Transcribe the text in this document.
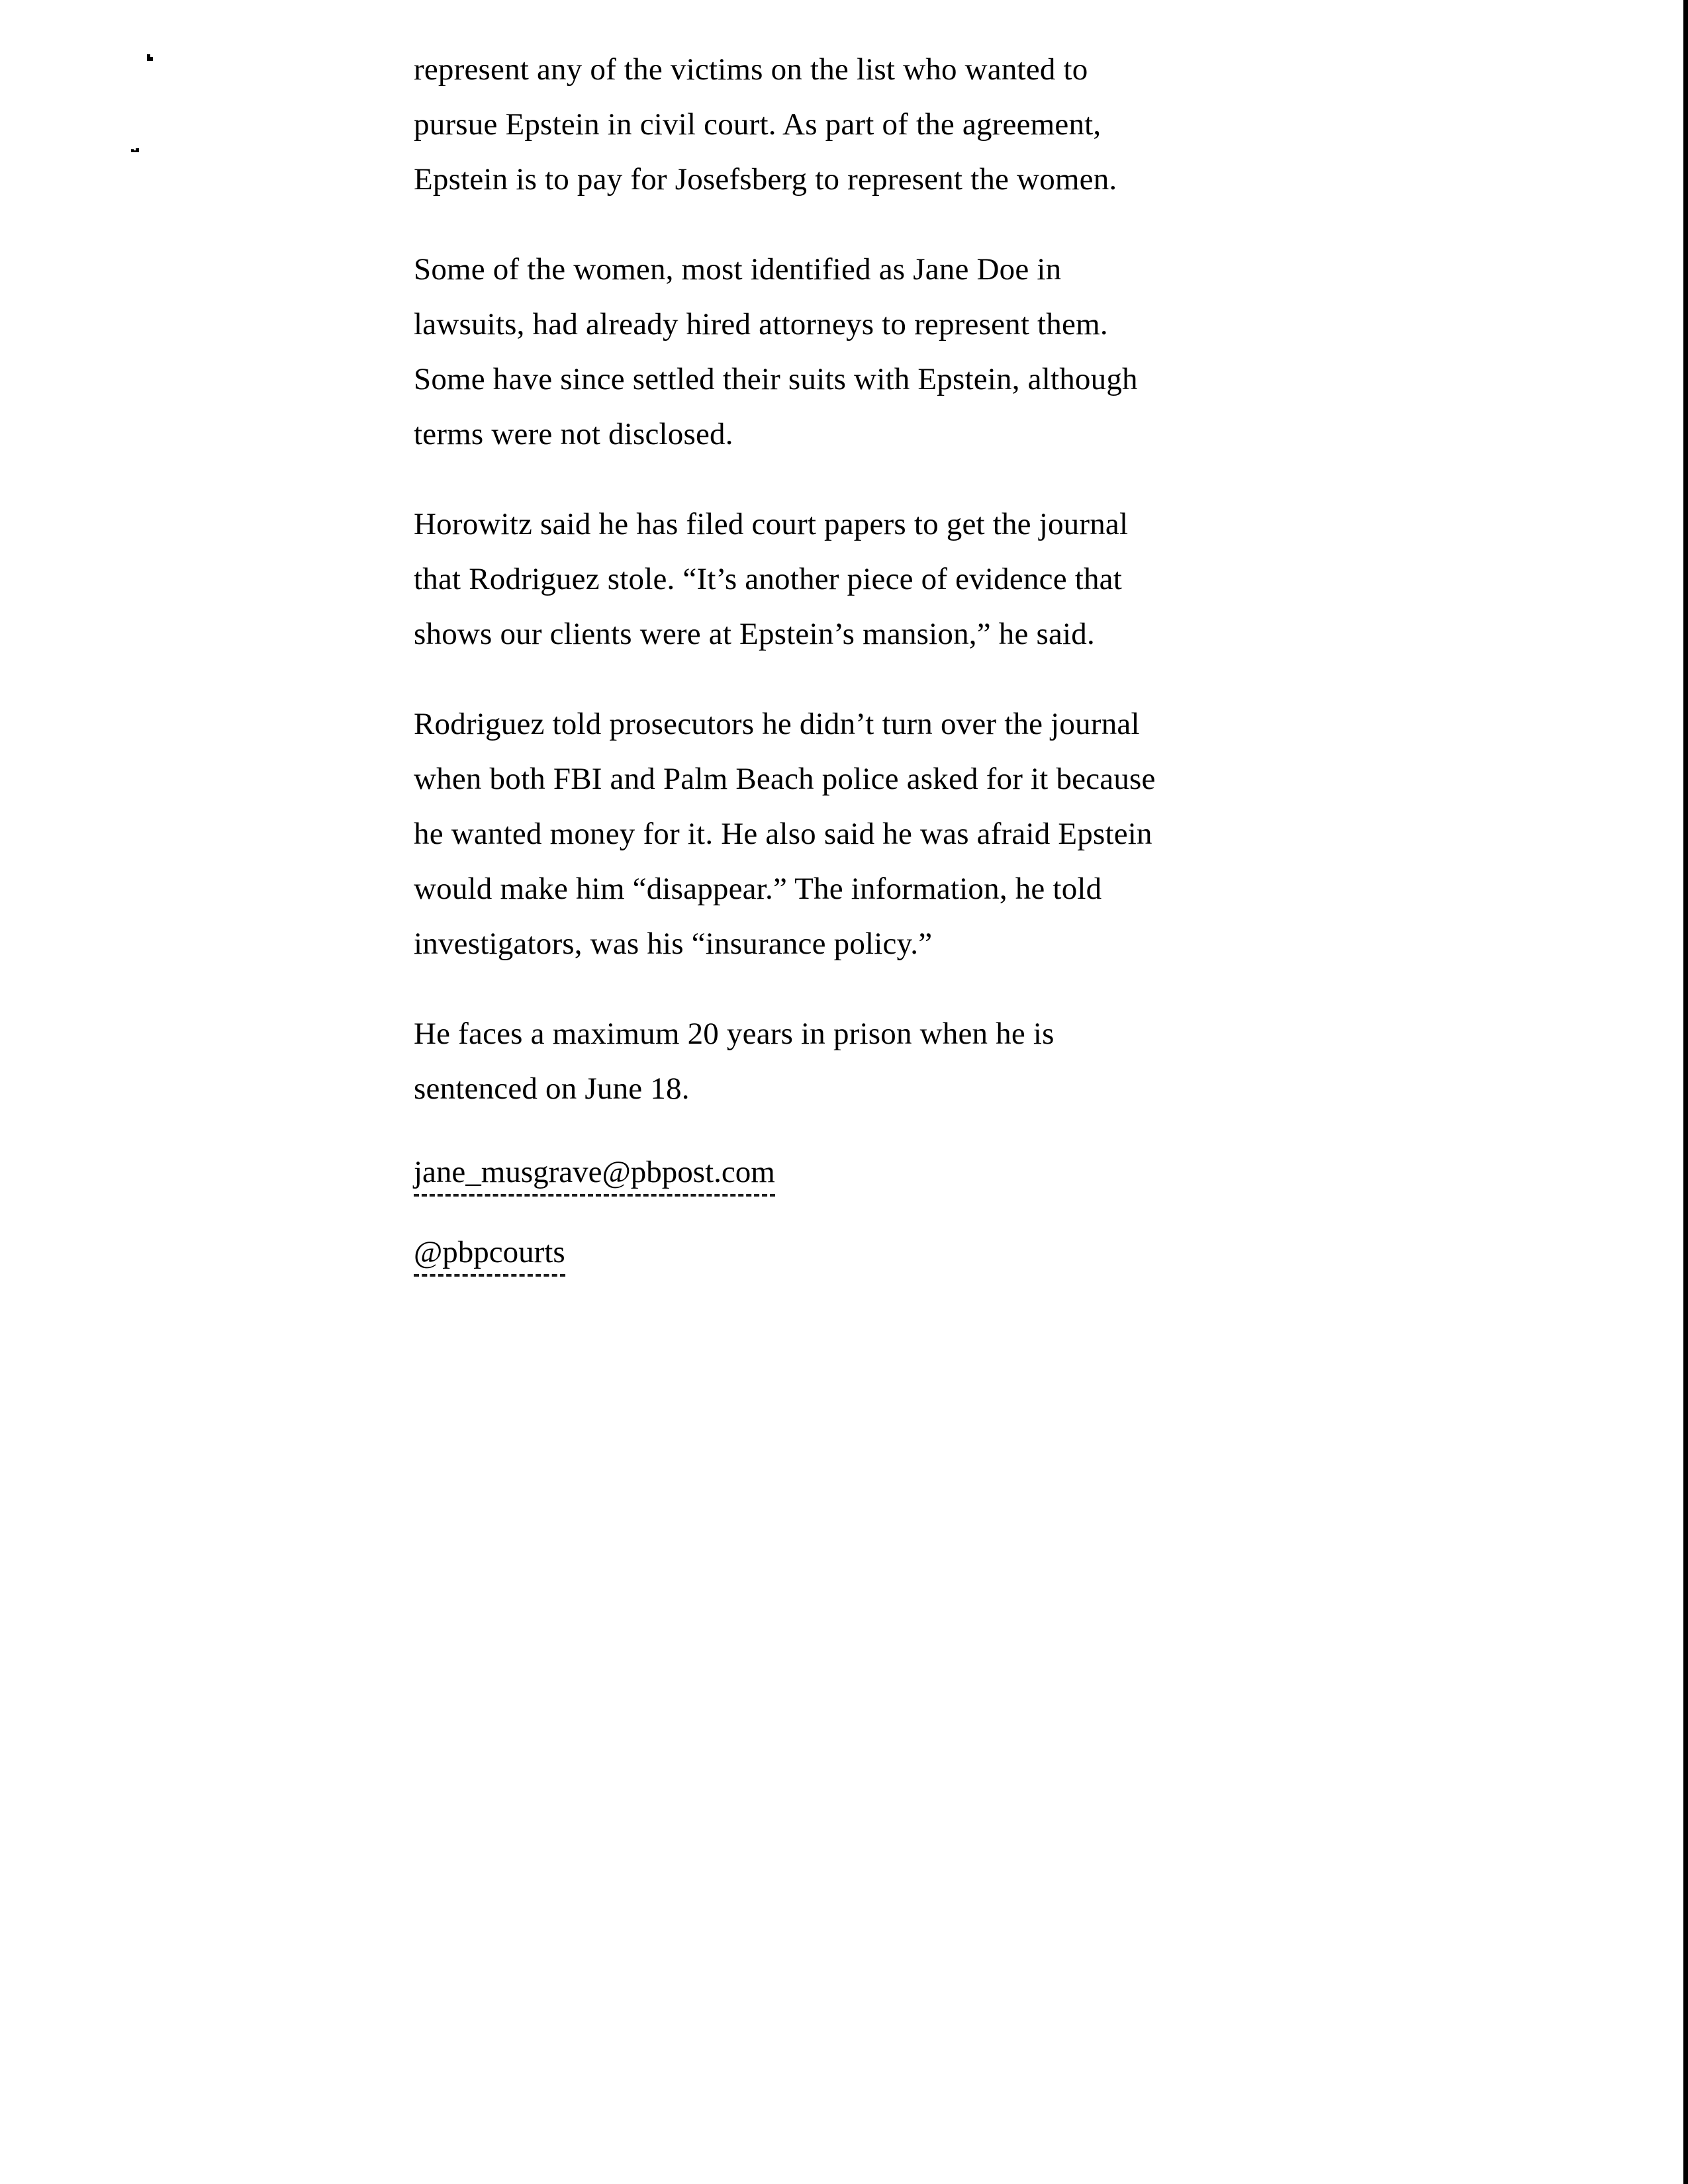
represent any of the victims on the list who wanted to
pursue Epstein in civil court. As part of the agreement,
Epstein is to pay for Josefsberg to represent the women.

Some of the women, most identified as Jane Doe in
lawsuits, had already hired attorneys to represent them.
Some have since settled their suits with Epstein, although
terms were not disclosed.

Horowitz said he has filed court papers to get the journal
that Rodriguez stole. “It’s another piece of evidence that
shows our clients were at Epstein’s mansion,” he said.

Rodriguez told prosecutors he didn’t turn over the journal
when both FBI and Palm Beach police asked for it because
he wanted money for it. He also said he was afraid Epstein
would make him “disappear.” The information, he told
investigators, was his “insurance policy.”

He faces a maximum 20 years in prison when he is
sentenced on June 18.

jane_musgrave@pbpost.com

@pbpcourts
